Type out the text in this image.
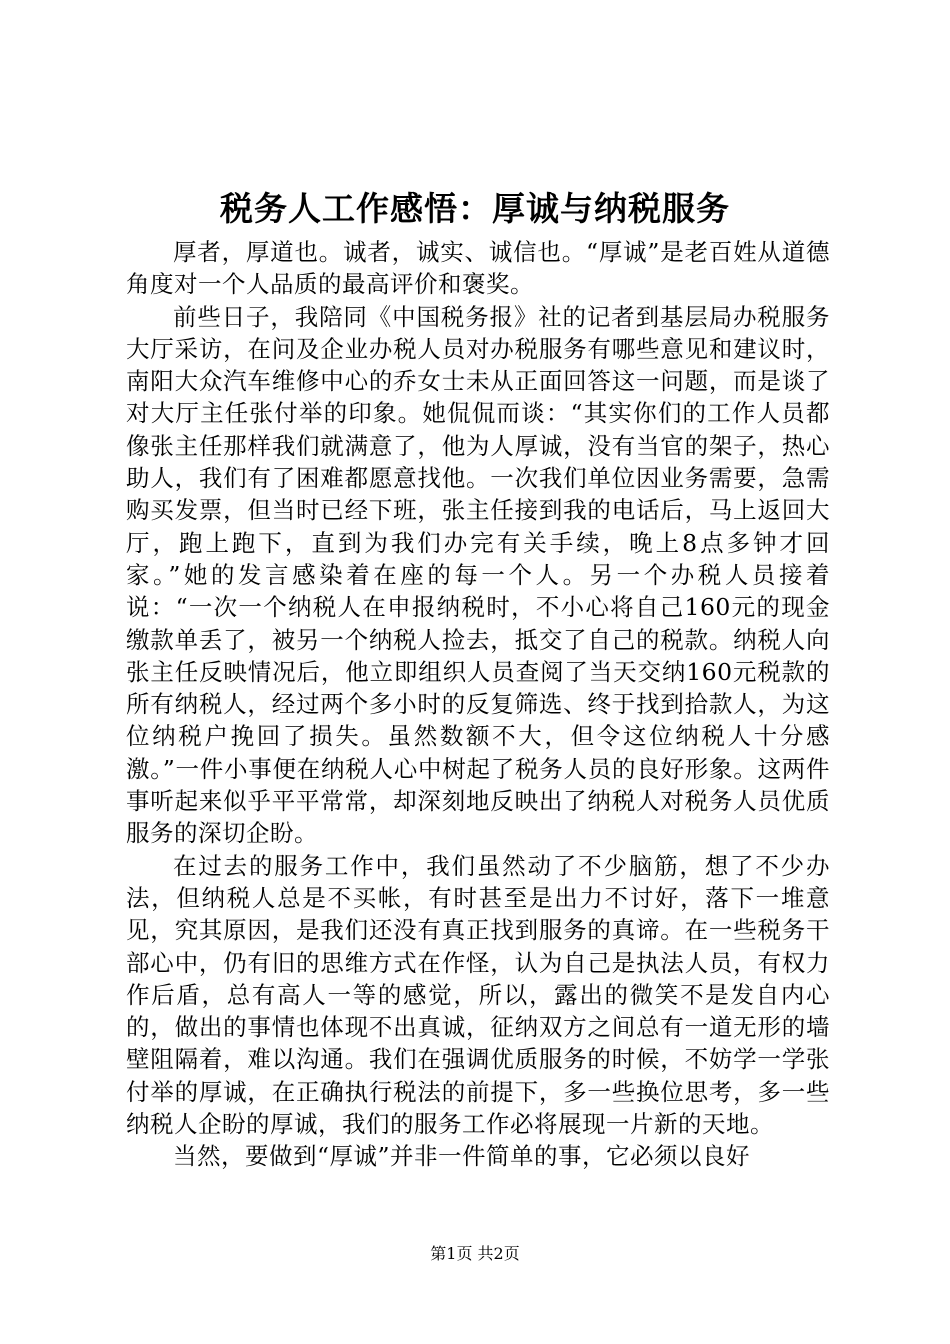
税务人工作感悟：厚诚与纳税服务

厚者，厚道也。诚者，诚实、诚信也。“厚诚”是老百姓从道德角度对一个人品质的最高评价和褒奖。

前些日子，我陪同《中国税务报》社的记者到基层局办税服务大厅采访，在问及企业办税人员对办税服务有哪些意见和建议时，南阳大众汽车维修中心的乔女士未从正面回答这一问题，而是谈了对大厅主任张付举的印象。她侃侃而谈：“其实你们的工作人员都像张主任那样我们就满意了，他为人厚诚，没有当官的架子，热心助人，我们有了困难都愿意找他。一次我们单位因业务需要，急需购买发票，但当时已经下班，张主任接到我的电话后，马上返回大厅，跑上跑下，直到为我们办完有关手续，晚上8点多钟才回家。”她的发言感染着在座的每一个人。另一个办税人员接着说：“一次一个纳税人在申报纳税时，不小心将自己160元的现金缴款单丢了，被另一个纳税人捡去，抵交了自己的税款。纳税人向张主任反映情况后，他立即组织人员查阅了当天交纳160元税款的所有纳税人，经过两个多小时的反复筛选、终于找到拾款人，为这位纳税户挽回了损失。虽然数额不大，但令这位纳税人十分感激。”一件小事便在纳税人心中树起了税务人员的良好形象。这两件事听起来似乎平平常常，却深刻地反映出了纳税人对税务人员优质服务的深切企盼。

在过去的服务工作中，我们虽然动了不少脑筋，想了不少办法，但纳税人总是不买帐，有时甚至是出力不讨好，落下一堆意见，究其原因，是我们还没有真正找到服务的真谛。在一些税务干部心中，仍有旧的思维方式在作怪，认为自己是执法人员，有权力作后盾，总有高人一等的感觉，所以，露出的微笑不是发自内心的，做出的事情也体现不出真诚，征纳双方之间总有一道无形的墙壁阻隔着，难以沟通。我们在强调优质服务的时候，不妨学一学张付举的厚诚，在正确执行税法的前提下，多一些换位思考，多一些纳税人企盼的厚诚，我们的服务工作必将展现一片新的天地。

当然，要做到“厚诚”并非一件简单的事，它必须以良好

第1页 共2页
